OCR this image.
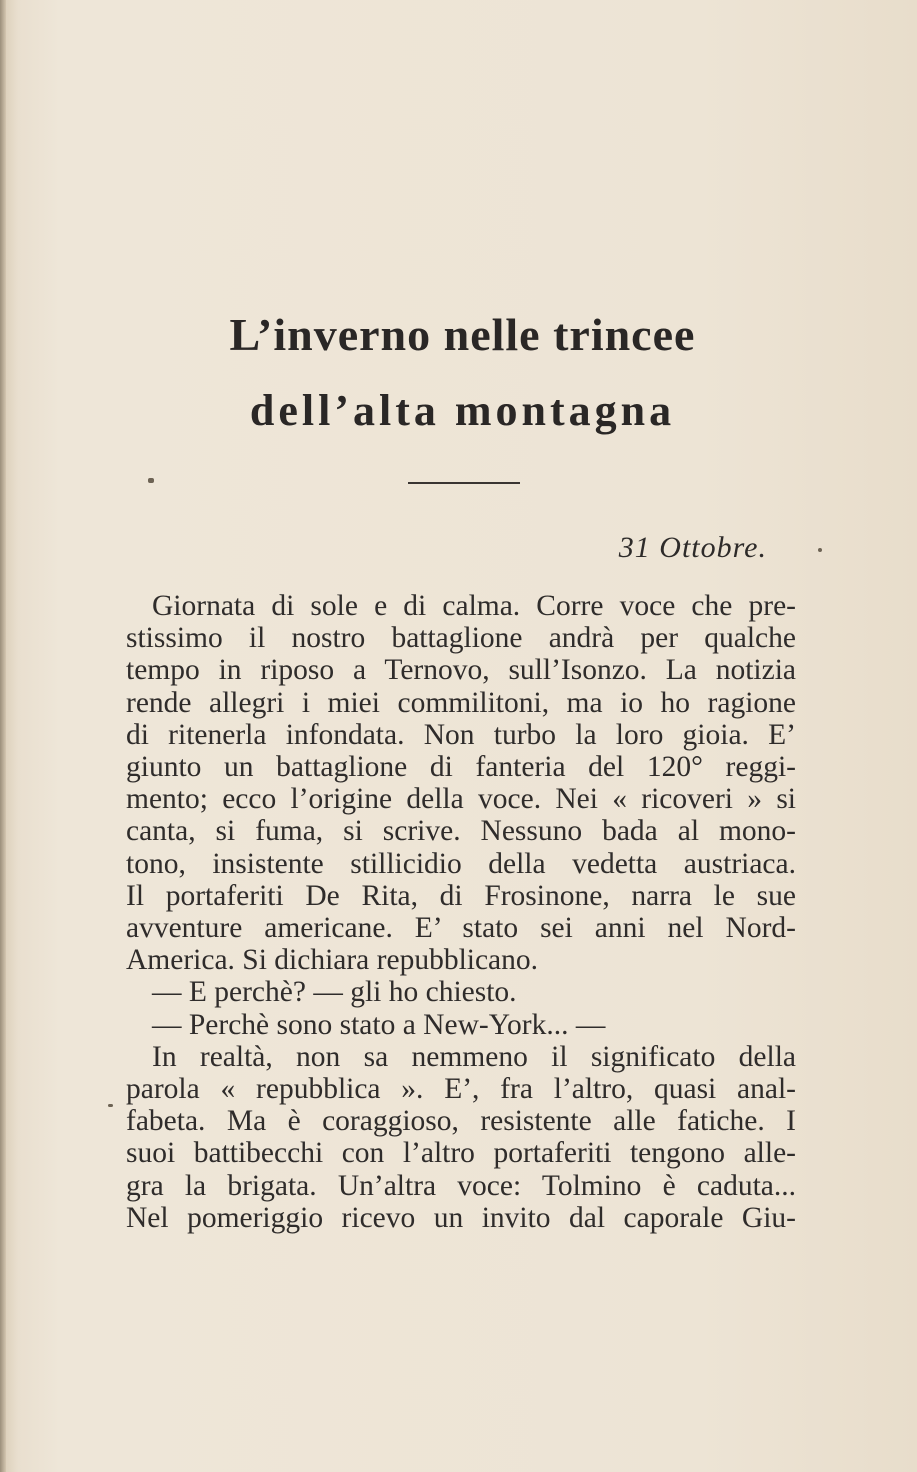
L’inverno nelle trincee
dell’alta montagna
31 Ottobre.
Giornata di sole e di calma. Corre voce che pre-
stissimo il nostro battaglione andrà per qualche
tempo in riposo a Ternovo, sull’Isonzo. La notizia
rende allegri i miei commilitoni, ma io ho ragione
di ritenerla infondata. Non turbo la loro gioia. E’
giunto un battaglione di fanteria del 120° reggi-
mento; ecco l’origine della voce. Nei « ricoveri » si
canta, si fuma, si scrive. Nessuno bada al mono-
tono, insistente stillicidio della vedetta austriaca.
Il portaferiti De Rita, di Frosinone, narra le sue
avventure americane. E’ stato sei anni nel Nord-
America. Si dichiara repubblicano.
— E perchè? — gli ho chiesto.
— Perchè sono stato a New-York... —
In realtà, non sa nemmeno il significato della
parola « repubblica ». E’, fra l’altro, quasi anal-
fabeta. Ma è coraggioso, resistente alle fatiche. I
suoi battibecchi con l’altro portaferiti tengono alle-
gra la brigata. Un’altra voce: Tolmino è caduta...
Nel pomeriggio ricevo un invito dal caporale Giu-
